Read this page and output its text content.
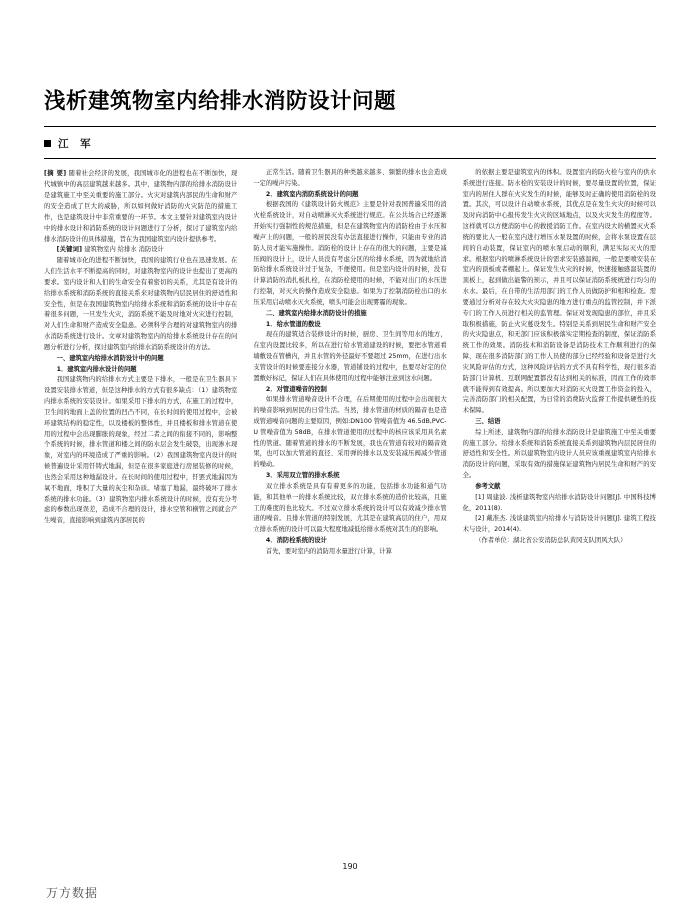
浅析建筑物室内给排水消防设计问题
江 军

[摘 要] 随着社会经济的发展，我国城市化的进程也在不断加快，现代城镇中的高层建筑越来越多。其中，建筑物内部的给排水消防设计是建筑施工中至关重要的施工部分。火灾对建筑内部民的生命和财产的安全造成了巨大的威胁，所以如何做好消防的火灾防范的措施工作，也是建筑设计中非常重要的一环节。本文主要针对建筑室内设计中的排水设计和消防系统的设计问题进行了分析，探讨了建筑室内给排水消防设计的具体措施，旨在为我国建筑室内设计提供参考。

[关键词] 建筑物室内 给排水 消防设计

随着城市化的进程不断加快，我国的建筑行业也在迅速发展。在人们生活水平不断提高的同时，对建筑物室内的设计也提出了更高的要求。室内设计和人们的生命安全有着密切的关系，尤其是有设计的给排水系统和消防系统的直接关系来对建筑物内层民居住的舒适性和安全性，但是在我国建筑物室内给排水系统和消防系统的设计中存在着很多问题，一旦发生火灾，消防系统不能及时地对火灾进行控制，对人们生命和财产造成安全隐患。必须科学合理的对建筑物室内的排水消防系统进行设计。文章对建筑物室内的给排水系统设计存在的问题分析进行分析，探讨建筑室内给排水消防系统设计的方法。

一、建筑室内给排水消防设计中的问题

1．建筑室内排水设计的问题

我国建筑物内的给排水方式主要是下排水，一般是在卫生器具下设置安装排水管道，但是这种排水的方式有很多缺点：（1）建筑物室内排水系统的安装设计。如果采用下排水的方式，在施工的过程中，卫生间的地面上盖的位置的凹凸不同，在长时间的使用过程中，会被环建筑结构的稳定性，以及楼板的整体性，并且楼板和排水管道在使用的过程中会出现膨胀的现象，经过二者之间的衔接不同的，影响整个系统的时候，排水管道和楼之间的防水层会发生破裂，出现渗水现象，对室内的环境造成了严重的影响。（2）我国建筑物室内设计的时候普遍设计采用钎铸式地漏，但是在很多家庭进行房屋装修的时候，也然会采用这种地漏设计。在长时间的使用过程中，钎罢式地漏因为氧不地面，堆积了大量的灰尘和杂质。堵塞了地漏，最终破坏了排水系统的排水功能。（3）建筑物室内排水系统设计的时候，没有充分考虑的参数出现误差，造成不合理的设计，排水空管和横管之间就会产生噪音，直接影响到建筑内部居民的

正常生活。随着卫生器具的种类越来越多、频繁的排水也会造成一定的噪声污染。

2．建筑室内消防系统设计的问题

根据我国的《建筑设计防火规范》主要是针对我国普遍采用的消火栓系统设计，对自动喷淋灭火系统进行规范。在公共场合已经逐渐开始实行强制性的规范措施，但是在建筑物室内的消防栓由于水压和噪声上的问题，一般的居民没有办法直接进行操作，只能由专业的消防人员才能实施操作。消防栓的设计上存在的很大的问题，主要是减压阀的设计上，设计人员没有考虑分区的给排水系统，因为就地给消防给排水系统设计过于复杂，不便使用。但是室内设计的时候，没有计算消防的消扎板扎栓，在消防栓使用的时候，不能对出门的水压进行控制，对灭火的操作造成安全隐患。如果为了控制消防栓出口的水压采用启动喷水灭火系统，喷头可能会出现雾霾的现象。

二、建筑室内给排水消防设计的措施

1．给水管道的数设

现在的建筑适合装修设计的时候，厨房、卫生间等用水的地方，在室内设置比较多，所以在进行给水管道建设的时候，要把水管道看墙敷设在管槽内，并且水管的外径最好不要超过 25mm，在进行出水支管设计的时候要连接分水器，管道铺设的过程中，也要尽好定的位置敷好标记，保证人们在具体使用的过程中能够注意到这水问题。

2．对管道噪音的控制

如果排水管道噪音设计不合理，在后期使用的过程中会出现很大的噪音影响到居民的日常生活。当然，排水管道的材质的隔音也是造成管道噪音问题的主要原因，例如:DN100 管噪音值为 46.5dB,PVC-U 管噪音值为 58dB，在排水管道使用的过程中的核应该采用具名素性的管道。随着管道的排水的不断发展，我也在管道有较对的隔音效果，也可以加大管道的直径、采用弹的排水以及安装减压阀减少管道的噪动。

3．采用双立管的排水系统

双立排水系统是具有有着更多的功能，包括排水功能和通气功能，和其他单一的排水系统比较，双立排水系统的造价比较高，且施工的难度的也比较大。不过双立排水系统的设计可以有效减少排水管道的噪音。且排水管道的特别发展，尤其是在建筑高层的住户，用双立排水系统的设计可以最大程度地减低给排水系统对其生的的影响。

4．消防栓系统的设计

首先，要对室内的消防用水量进行计算，计算

的依据主要是建筑室内的体积。设置室内的防火栓与室内的供水系统进行连接。防水栓的安装设计的时候，要尽量设置的位置，保证室内的居住人群在火灾发生的时候，能够及时正确的使用消防栓的设置。其次，可以设计自动喷水系统，其优点是在发生火灾的时候可以及时向消防中心报传发生火灾的区域地点，以及火灾发生的程度等。这样就可以方便消防中心的救援消防工作。在室内设大的横置灭火系统的要比人一般在室内进行增压水泵设置的时候，会将水泵设置在层间的自动装置，保证室内的喷水泵启动的顺利，满足实际灭火的需求。根据室内的喷淋系统设计的需求安装感温阀，一般是要喷安装在室内的顶板或者棚起上。保证发生火灾的时候，快速接触感温装置的顶板上，起到做出能警的预示，并且可以保证消防系统统进行均匀的水水。最后，在自带的生活用部门的工作人员做防护和相和检查。需要通过分析对存在较大火灾隐患的地方进行重点的监管控制，并下派专门的工作人员进行相关的监管理。保证对发现隐患的部位，并且采取积极措施，防止火灾蔓设发生。特别是关系到居民生命和财产安全的火灾隐患点，和无部门应该积极落实定期检查的制度，保证消防系统工作的效果。消防技术和消防设备是消防技术工作顺利进行的保障，现在很多消防部门的工作人员使的部分已经经验和设备是进行火灾风险评估的方式，这种风险评估的方式不具有科学性，现行很多消防部门计算机、互联网配置都没有达到相关的标准，因而工作的效率就不能得到有效提高。所以要加大对消防灭火设置工作资金的投入，完善消防部门的相关配置，为日常的消费防火监督工作提供硬性的技术保障。

三、结语

综上所述，建筑物内部的给排水消防设计是建筑施工中至关重要的施工部分。给排水系统和消防系统直接关系到建筑物内层民居住的舒适性和安全性。所以建筑物室内设计人员应该重视建筑室内给排水消防设计的问题，采取有效的措施保证建筑物内居民生命和财产的安全。

参考文献

[1] 周建波. 浅析建筑物室内给排水消防设计问题[J]. 中国科技博化，2011(8).

[2] 戴准杰. 浅谈建筑室内给排水与消防设计问题[J]. 建筑工程技术与设计，2014(4).

（作者单位：湖北省公安消防总队黄冈支队团风大队）

190
万方数据
